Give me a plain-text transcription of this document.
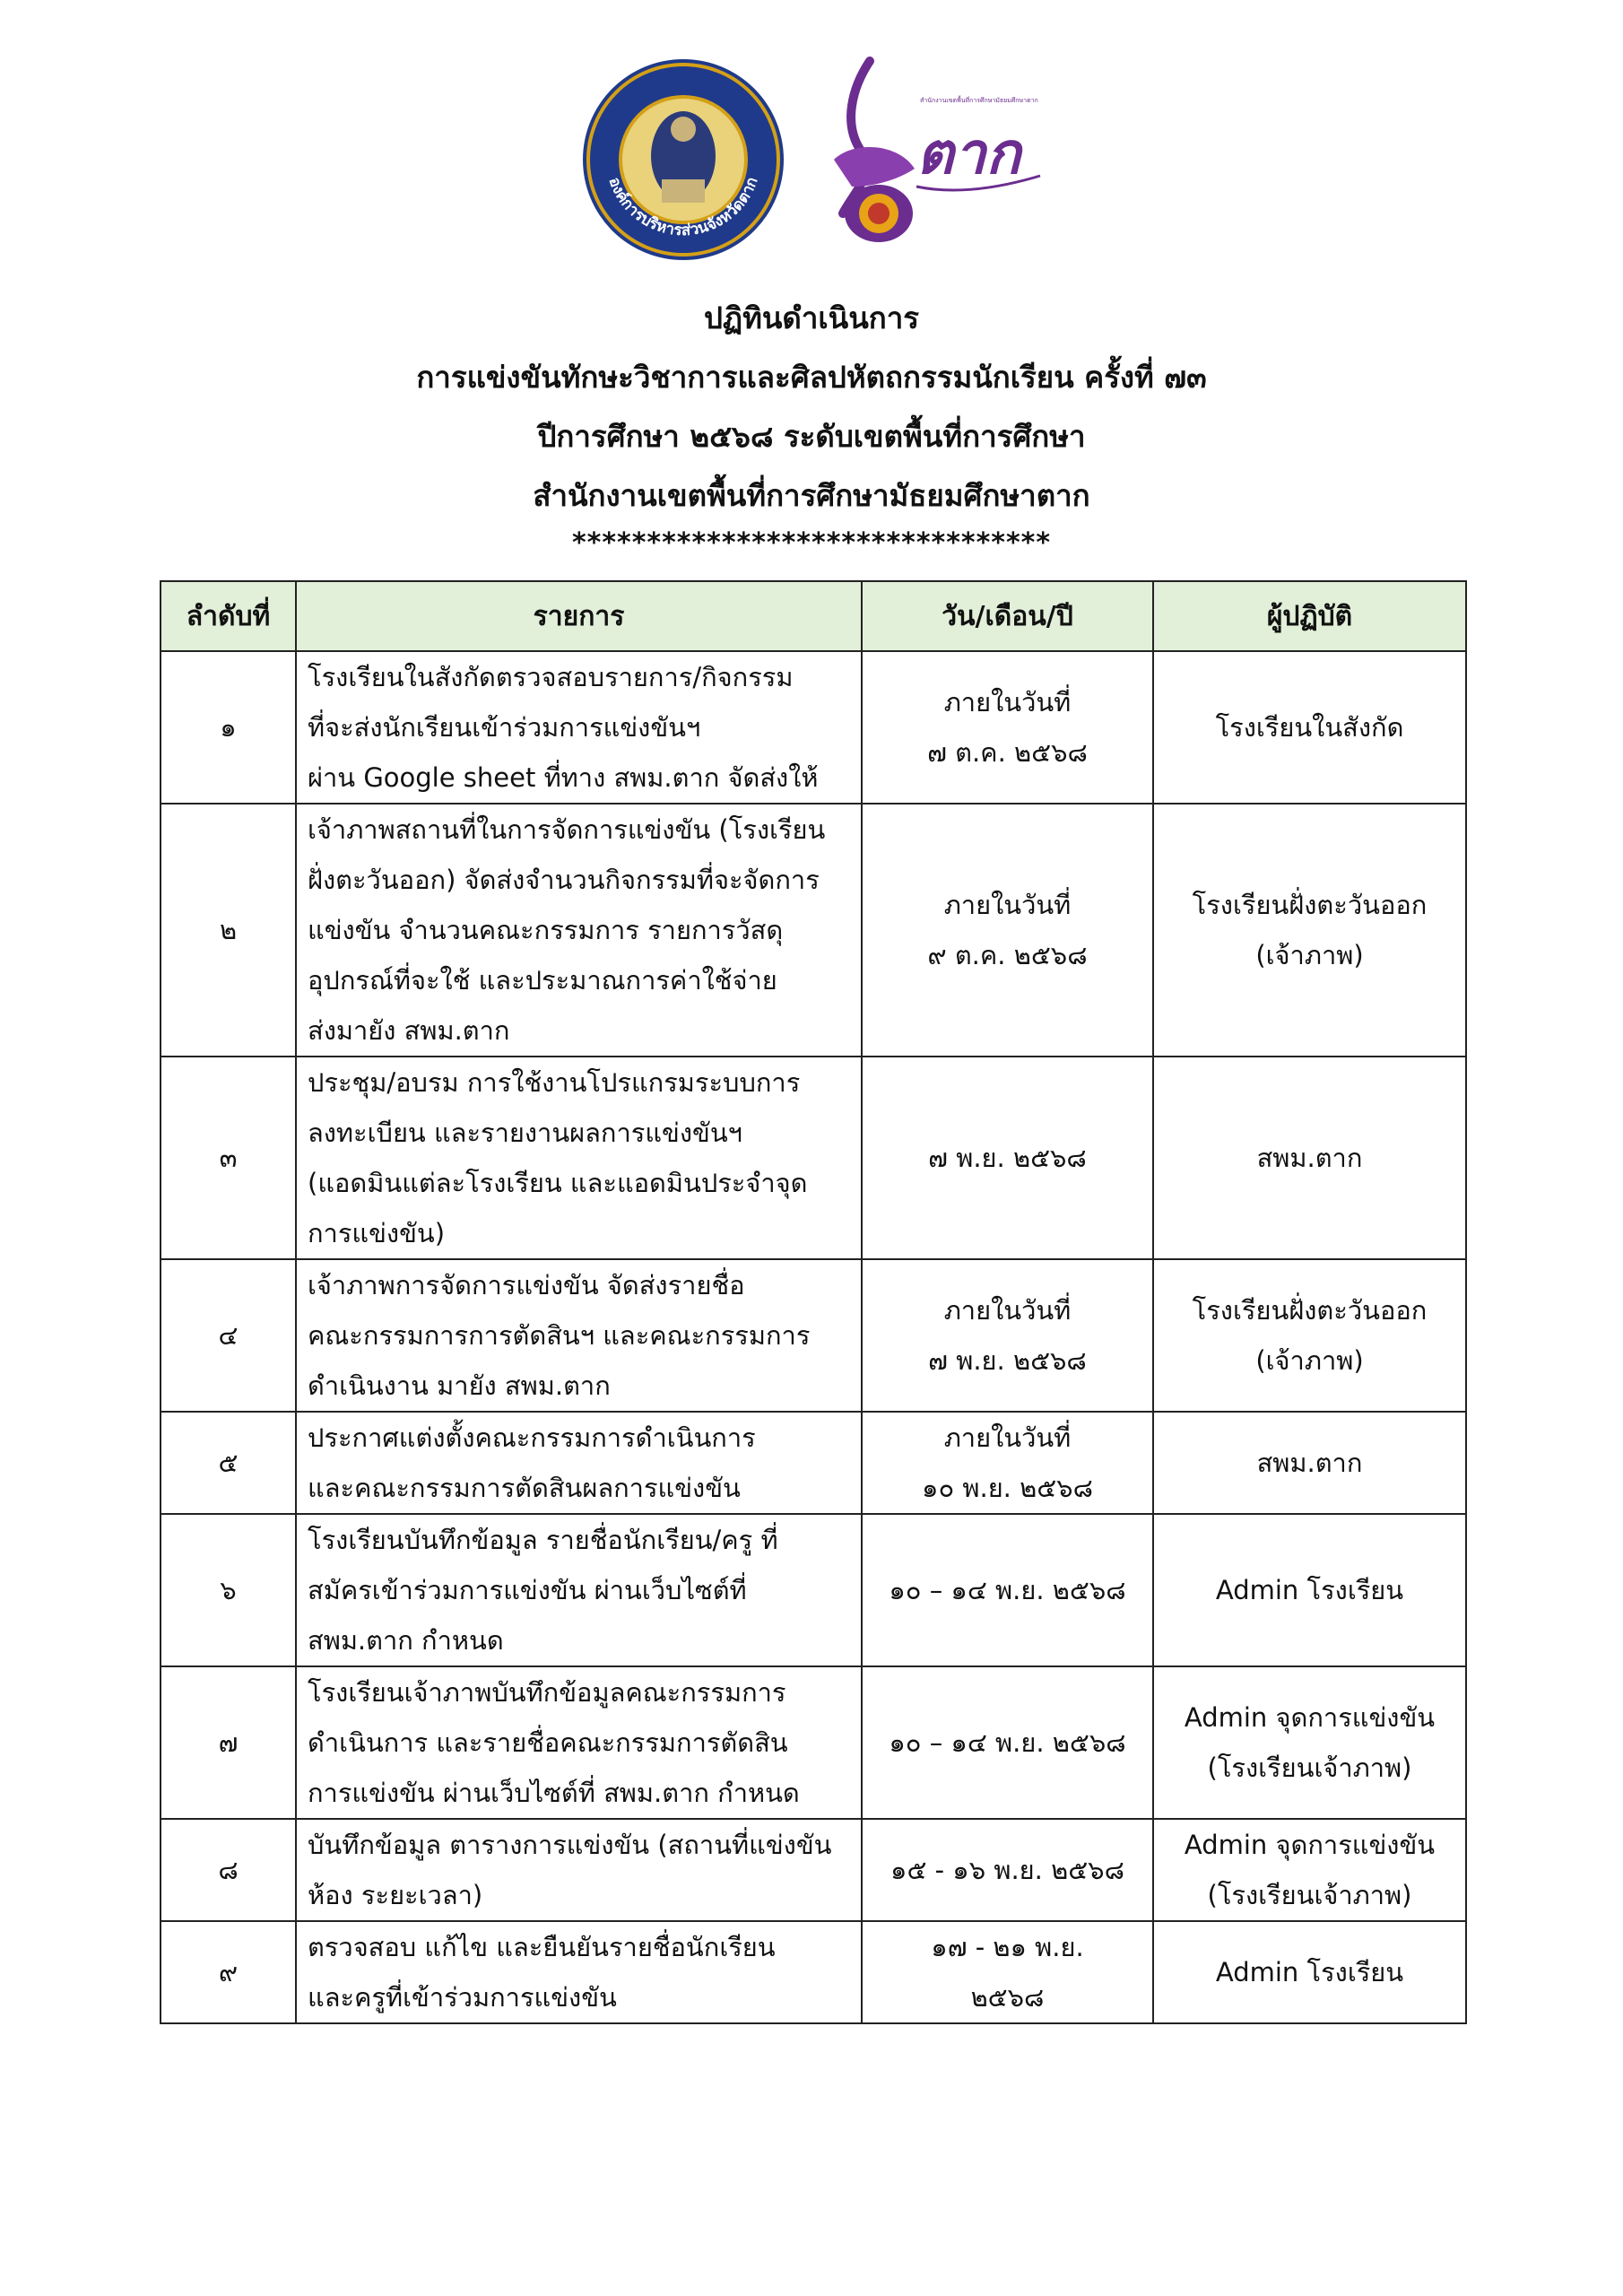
องค์การบริหารส่วนจังหวัดตาก
สำนักงานเขตพื้นที่การศึกษามัธยมศึกษาตาก
ตาก
ปฏิทินดำเนินการ
การแข่งขันทักษะวิชาการและศิลปหัตถกรรมนักเรียน ครั้งที่ ๗๓
ปีการศึกษา ๒๕๖๘ ระดับเขตพื้นที่การศึกษา
สำนักงานเขตพื้นที่การศึกษามัธยมศึกษาตาก
********************************
ลำดับที่	รายการ	วัน/เดือน/ปี	ผู้ปฏิบัติ
๑	โรงเรียนในสังกัดตรวจสอบรายการ/กิจกรรม
ที่จะส่งนักเรียนเข้าร่วมการแข่งขันฯ
ผ่าน Google sheet ที่ทาง สพม.ตาก จัดส่งให้	ภายในวันที่
๗ ต.ค. ๒๕๖๘	โรงเรียนในสังกัด

๒	เจ้าภาพสถานที่ในการจัดการแข่งขัน (โรงเรียน
ฝั่งตะวันออก) จัดส่งจำนวนกิจกรรมที่จะจัดการ
แข่งขัน จำนวนคณะกรรมการ รายการวัสดุ
อุปกรณ์ที่จะใช้ และประมาณการค่าใช้จ่าย
ส่งมายัง สพม.ตาก	ภายในวันที่
๙ ต.ค. ๒๕๖๘	โรงเรียนฝั่งตะวันออก
(เจ้าภาพ)

๓	ประชุม/อบรม การใช้งานโปรแกรมระบบการ
ลงทะเบียน และรายงานผลการแข่งขันฯ
(แอดมินแต่ละโรงเรียน และแอดมินประจำจุด
การแข่งขัน)	๗ พ.ย. ๒๕๖๘	สพม.ตาก

๔	เจ้าภาพการจัดการแข่งขัน จัดส่งรายชื่อ
คณะกรรมการการตัดสินฯ และคณะกรรมการ
ดำเนินงาน มายัง สพม.ตาก	ภายในวันที่
๗ พ.ย. ๒๕๖๘	โรงเรียนฝั่งตะวันออก
(เจ้าภาพ)

๕	ประกาศแต่งตั้งคณะกรรมการดำเนินการ
และคณะกรรมการตัดสินผลการแข่งขัน	ภายในวันที่
๑๐ พ.ย. ๒๕๖๘	สพม.ตาก

๖	โรงเรียนบันทึกข้อมูล รายชื่อนักเรียน/ครู ที่
สมัครเข้าร่วมการแข่งขัน ผ่านเว็บไซต์ที่
สพม.ตาก กำหนด	๑๐ – ๑๔ พ.ย. ๒๕๖๘	Admin โรงเรียน

๗	โรงเรียนเจ้าภาพบันทึกข้อมูลคณะกรรมการ
ดำเนินการ และรายชื่อคณะกรรมการตัดสิน
การแข่งขัน ผ่านเว็บไซต์ที่ สพม.ตาก กำหนด	๑๐ – ๑๔ พ.ย. ๒๕๖๘	Admin จุดการแข่งขัน
(โรงเรียนเจ้าภาพ)

๘	บันทึกข้อมูล ตารางการแข่งขัน (สถานที่แข่งขัน
ห้อง ระยะเวลา)	๑๕ - ๑๖ พ.ย. ๒๕๖๘	Admin จุดการแข่งขัน
(โรงเรียนเจ้าภาพ)

๙	ตรวจสอบ แก้ไข และยืนยันรายชื่อนักเรียน
และครูที่เข้าร่วมการแข่งขัน	๑๗ - ๒๑ พ.ย.
๒๕๖๘	Admin โรงเรียน
